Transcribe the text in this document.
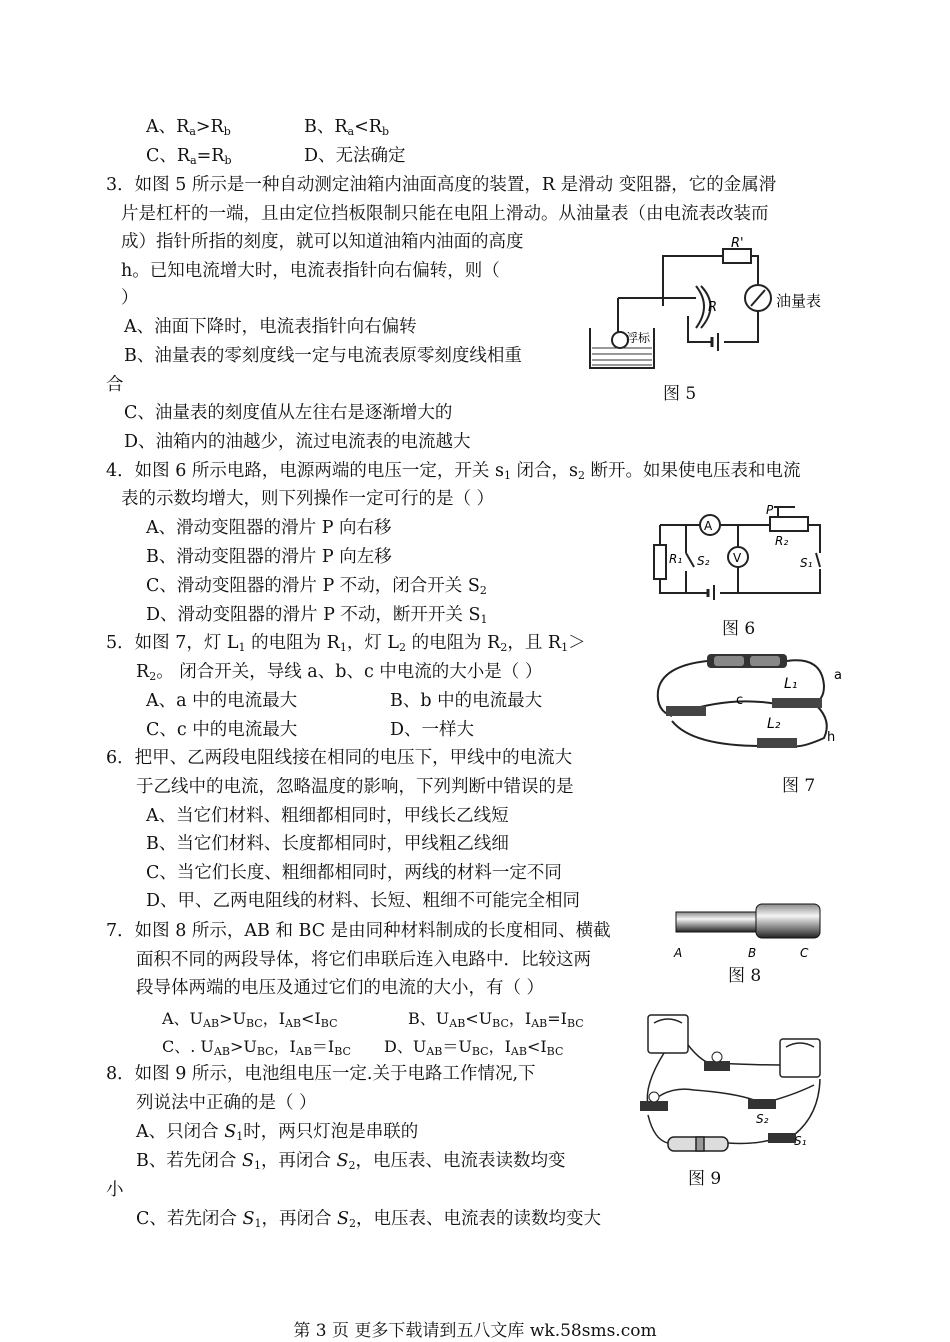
A、$R_a>R_b$	B、$R_a<R_b$
C、$R_a=R_b$	D、无法确定
3．如图 5 所示是一种自动测定油箱内油面高度的装置，R 是滑动 变阻器，它的金属滑
片是杠杆的一端，且由定位挡板限制只能在电阻上滑动。从油量表（由电流表改装而
成）指针所指的刻度，就可以知道油箱内油面的高度
h。已知电流增大时，电流表指针向右偏转，则（
）
A、油面下降时，电流表指针向右偏转
B、油量表的零刻度线一定与电流表原零刻度线相重
合
C、油量表的刻度值从左往右是逐渐增大的
D、油箱内的油越少，流过电流表的电流越大
浮标
油量表
R
R'
图 5
4．如图 6 所示电路，电源两端的电压一定，开关 $s_1$ 闭合，$s_2$ 断开。如果使电压表和电流
表的示数均增大，则下列操作一定可行的是（ ）
A、滑动变阻器的滑片 P 向右移
B、滑动变阻器的滑片 P 向左移
C、滑动变阻器的滑片 P 不动，闭合开关 $S_2$
D、滑动变阻器的滑片 P 不动，断开开关 $S_1$
A
V
P
R₂
R₁ S₂	S₁
图 6
5．如图 7，灯 $L_1$ 的电阻为 $R_1$，灯 $L_2$ 的电阻为 $R_2$，且 $R_1>$
$R_2$。 闭合开关，导线 a、b、c 中电流的大小是（ ）
A、a 中的电流最大	B、b 中的电流最大
C、c 中的电流最大	D、一样大
L₁
L₂
a
c
h
图 7
6．把甲、乙两段电阻线接在相同的电压下，甲线中的电流大
于乙线中的电流，忽略温度的影响，下列判断中错误的是
A、当它们材料、粗细都相同时，甲线长乙线短
B、当它们材料、长度都相同时，甲线粗乙线细
C、当它们长度、粗细都相同时，两线的材料一定不同
D、甲、乙两电阻线的材料、长短、粗细不可能完全相同
7．如图 8 所示，AB 和 BC 是由同种材料制成的长度相同、横截
面积不同的两段导体，将它们串联后连入电路中．比较这两
段导体两端的电压及通过它们的电流的大小，有（ ）
A、$U_{AB}>U_{BC}$，$I_{AB}<I_{BC}$	B、$U_{AB}<U_{BC}$，$I_{AB}=I_{BC}$
C、. $U_{AB}>U_{BC}$，$I_{AB}=I_{BC}$ D、$U_{AB}=U_{BC}$，$I_{AB}<I_{BC}$
A	B	C
图 8
8．如图 9 所示，电池组电压一定.关于电路工作情况,下
列说法中正确的是（ ）
A、只闭合 $S_1$时，两只灯泡是串联的
B、若先闭合 $S_1$，再闭合 $S_2$，电压表、电流表读数均变
小
C、若先闭合 $S_1$，再闭合 $S_2$，电压表、电流表的读数均变大
S₂
S₁
图 9
第 3 页 更多下载请到五八文库 wk.58sms.com
